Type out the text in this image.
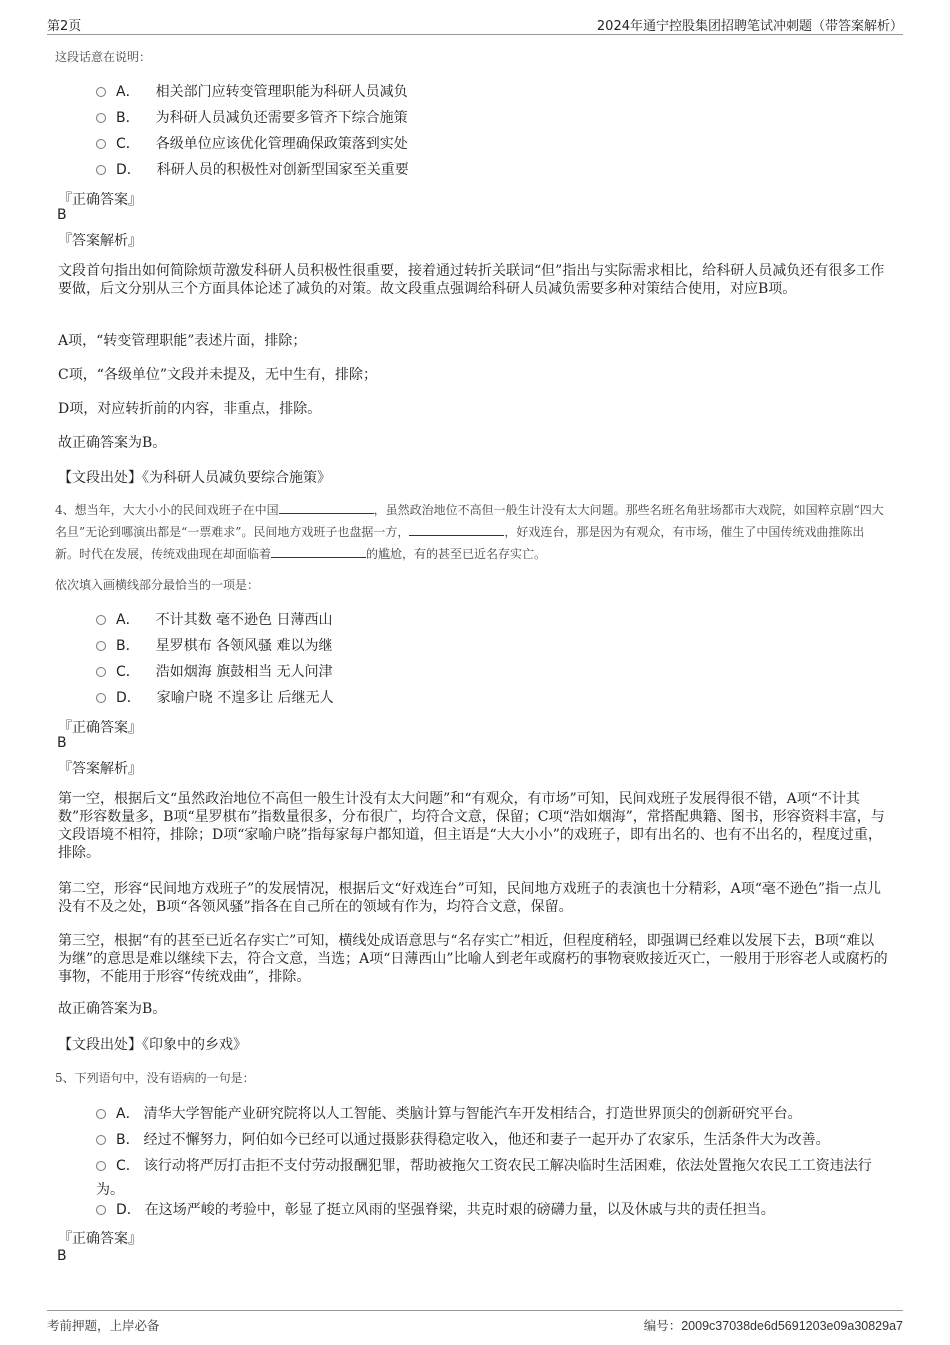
第2页	2024年通宁控股集团招聘笔试冲刺题（带答案解析）
这段话意在说明：
A． 相关部门应转变管理职能为科研人员减负
B． 为科研人员减负还需要多管齐下综合施策
C． 各级单位应该优化管理确保政策落到实处
D． 科研人员的积极性对创新型国家至关重要
『正确答案』
B
『答案解析』
文段首句指出如何简除烦苛激发科研人员积极性很重要，接着通过转折关联词“但”指出与实际需求相比，给科研人员减负还有很多工作要做，后文分别从三个方面具体论述了减负的对策。故文段重点强调给科研人员减负需要多种对策结合使用，对应B项。
A项，“转变管理职能”表述片面，排除；
C项，“各级单位”文段并未提及，无中生有，排除；
D项，对应转折前的内容，非重点，排除。
故正确答案为B。
【文段出处】《为科研人员减负要综合施策》
4、想当年，大大小小的民间戏班子在中国	，虽然政治地位不高但一般生计没有太大问题。那些名班名角驻场都市大戏院，如国粹京剧“四大名旦”无论到哪演出都是“一票难求”。民间地方戏班子也盘据一方，	，好戏连台，那是因为有观众，有市场，催生了中国传统戏曲推陈出新。时代在发展，传统戏曲现在却面临着	的尴尬，有的甚至已近名存实亡。
依次填入画横线部分最恰当的一项是：
A． 不计其数 毫不逊色 日薄西山
B． 星罗棋布 各领风骚 难以为继
C． 浩如烟海 旗鼓相当 无人问津
D． 家喻户晓 不遑多让 后继无人
『正确答案』
B
『答案解析』
第一空，根据后文“虽然政治地位不高但一般生计没有太大问题”和“有观众，有市场”可知，民间戏班子发展得很不错，A项“不计其数”形容数量多，B项“星罗棋布”指数量很多，分布很广，均符合文意，保留；C项“浩如烟海”，常搭配典籍、图书，形容资料丰富，与文段语境不相符，排除；D项“家喻户晓”指每家每户都知道，但主语是“大大小小”的戏班子，即有出名的、也有不出名的，程度过重，排除。
第二空，形容“民间地方戏班子”的发展情况，根据后文“好戏连台”可知，民间地方戏班子的表演也十分精彩，A项“毫不逊色”指一点儿没有不及之处，B项“各领风骚”指各在自己所在的领域有作为，均符合文意，保留。
第三空，根据“有的甚至已近名存实亡”可知，横线处成语意思与“名存实亡”相近，但程度稍轻，即强调已经难以发展下去，B项“难以为继”的意思是难以继续下去，符合文意，当选；A项“日薄西山”比喻人到老年或腐朽的事物衰败接近灭亡，一般用于形容老人或腐朽的事物，不能用于形容“传统戏曲”，排除。
故正确答案为B。
【文段出处】《印象中的乡戏》
5、下列语句中，没有语病的一句是：
A． 清华大学智能产业研究院将以人工智能、类脑计算与智能汽车开发相结合，打造世界顶尖的创新研究平台。
B． 经过不懈努力，阿伯如今已经可以通过摄影获得稳定收入，他还和妻子一起开办了农家乐，生活条件大为改善。
C． 该行动将严厉打击拒不支付劳动报酬犯罪，帮助被拖欠工资农民工解决临时生活困难，依法处置拖欠农民工工资违法行为。
D． 在这场严峻的考验中，彰显了挺立风雨的坚强脊梁，共克时艰的磅礴力量，以及休戚与共的责任担当。
『正确答案』
B
考前押题，上岸必备	编号：2009c37038de6d5691203e09a30829a7
